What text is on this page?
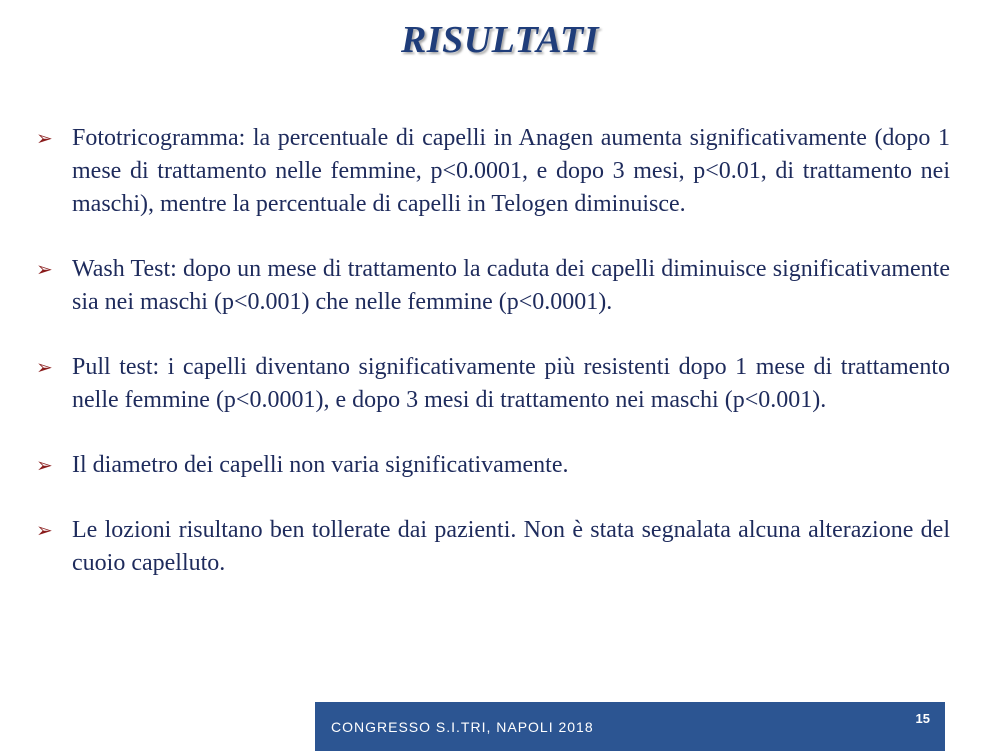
RISULTATI
➢ Fototricogramma: la percentuale di capelli in Anagen aumenta significativamente (dopo 1 mese di trattamento nelle femmine, p<0.0001, e dopo 3 mesi, p<0.01, di trattamento nei maschi), mentre la percentuale di capelli in Telogen diminuisce.
➢ Wash Test: dopo un mese di trattamento la caduta dei capelli diminuisce significativamente sia nei maschi (p<0.001) che nelle femmine (p<0.0001).
➢ Pull test: i capelli diventano significativamente più resistenti dopo 1 mese di trattamento nelle femmine (p<0.0001), e dopo 3 mesi di trattamento nei maschi (p<0.001).
➢ Il diametro dei capelli non varia significativamente.
➢ Le lozioni risultano ben tollerate dai pazienti. Non è stata segnalata alcuna alterazione del cuoio capelluto.
CONGRESSO S.I.TRI, NAPOLI 2018
15
